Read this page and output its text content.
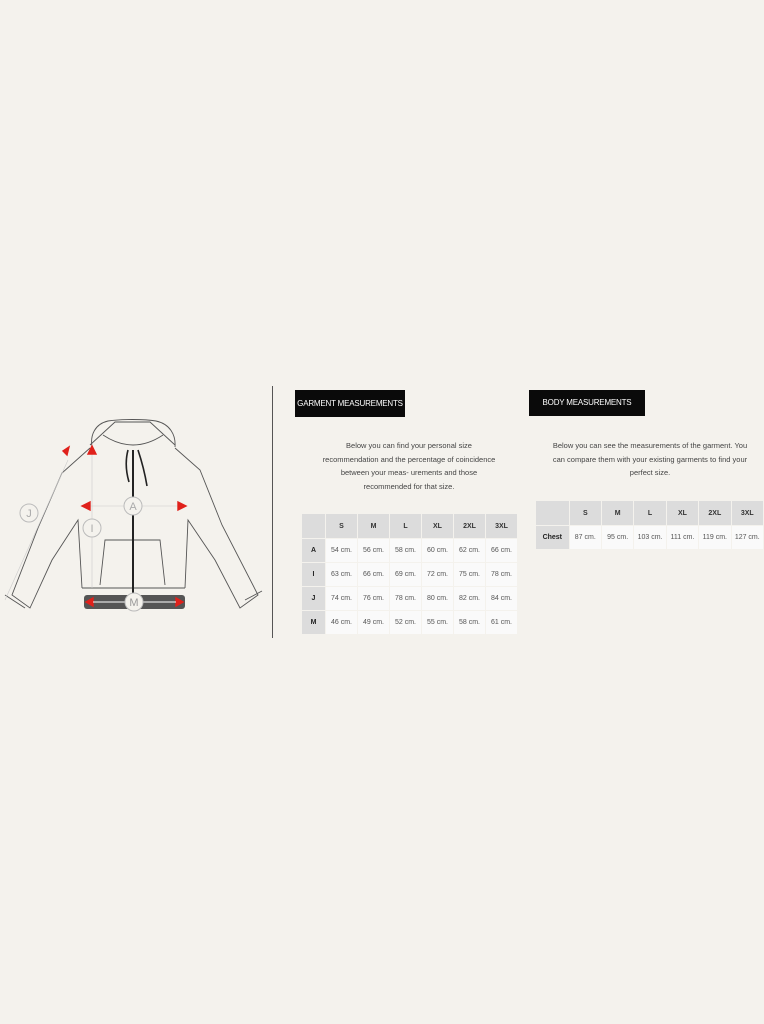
J
I
A
M
GARMENT MEASUREMENTS
Below you can find your personal size recommendation and the percentage of coincidence between your meas- urements and those recommended for that size.
	S	M	L	XL	2XL	3XL
A	54 cm.	56 cm.	58 cm.	60 cm.	62 cm.	66 cm.
I	63 cm.	66 cm.	69 cm.	72 cm.	75 cm.	78 cm.
J	74 cm.	76 cm.	78 cm.	80 cm.	82 cm.	84 cm.
M	46 cm.	49 cm.	52 cm.	55 cm.	58 cm.	61 cm.
BODY MEASUREMENTS
Below you can see the measurements of the garment. You can compare them with your existing garments to find your perfect size.
	S	M	L	XL	2XL	3XL
Chest	87 cm.	95 cm.	103 cm.	111 cm.	119 cm.	127 cm.
